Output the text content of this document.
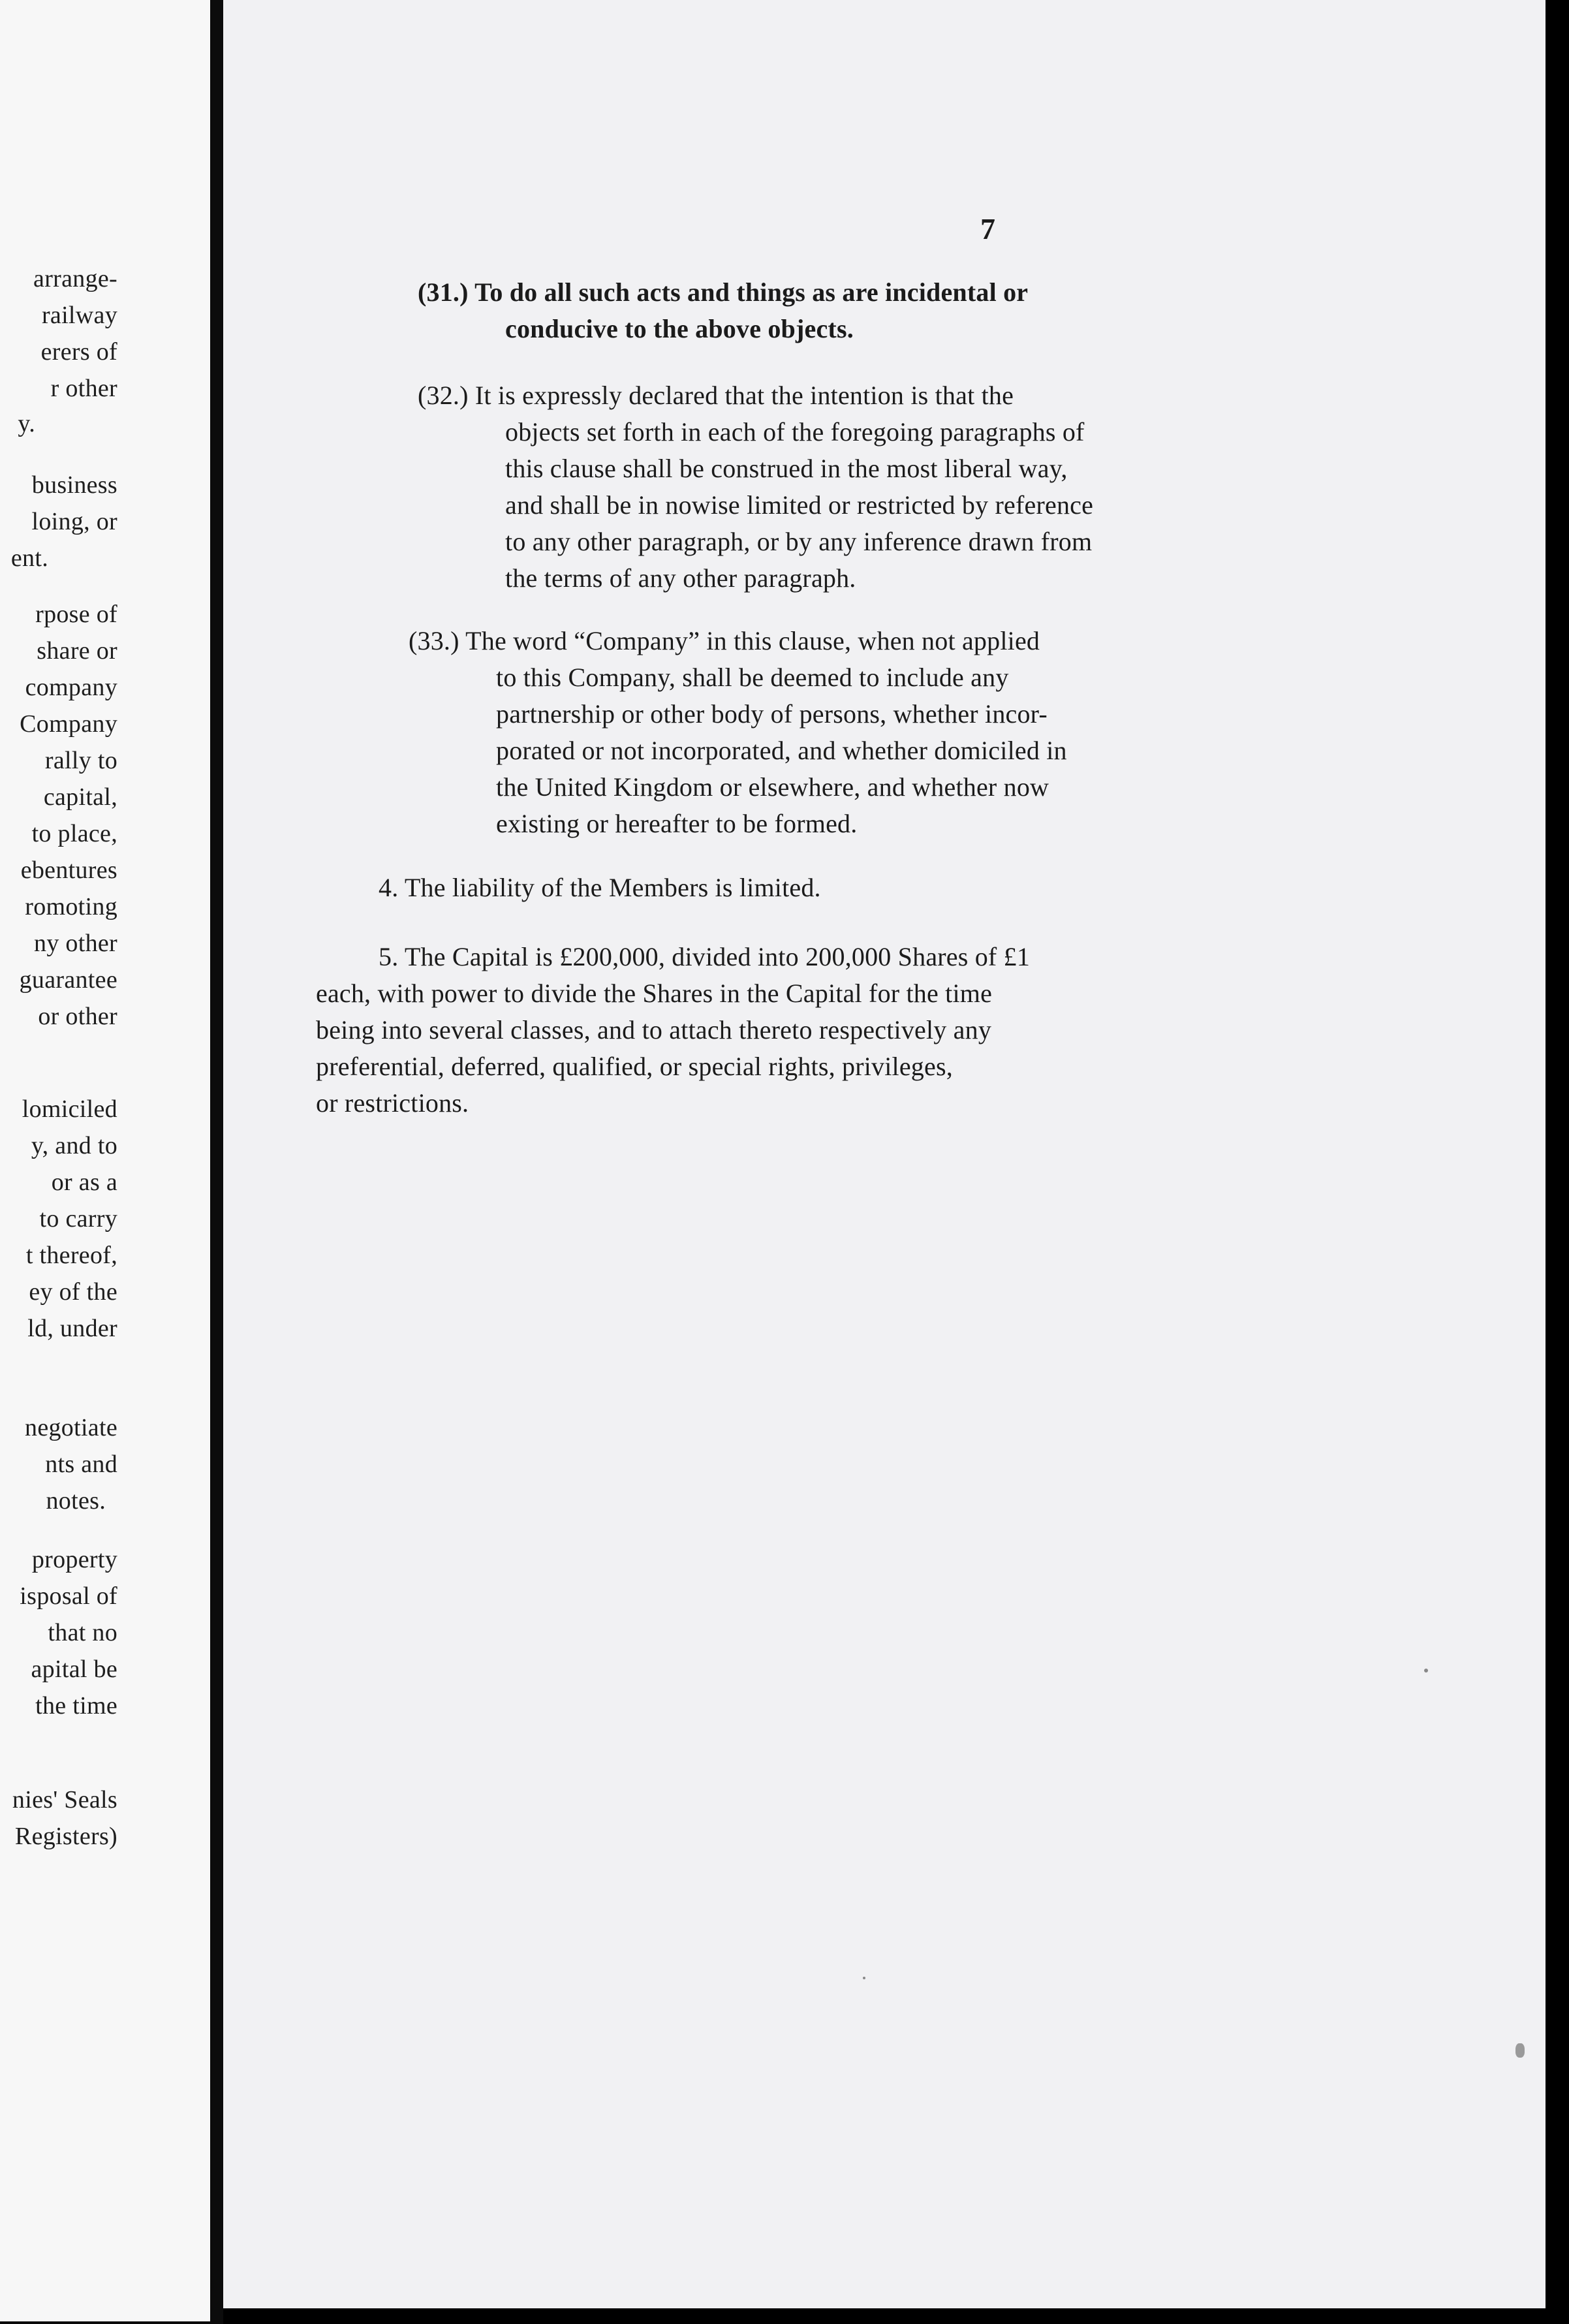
arrange-
railway
erers of
r other
y.
business
loing, or
ent.
rpose of
share or
company
Company
rally to
capital,
to place,
ebentures
romoting
ny other
guarantee
or other
lomiciled
y, and to
or as a
to carry
t thereof,
ey of the
ld, under
negotiate
nts and
notes.
property
isposal of
that no
apital be
the time
nies' Seals
Registers)
7
(31.) To do all such acts and things as are incidental or
conducive to the above objects.
(32.) It is expressly declared that the intention is that the
objects set forth in each of the foregoing paragraphs of
this clause shall be construed in the most liberal way,
and shall be in nowise limited or restricted by reference
to any other paragraph, or by any inference drawn from
the terms of any other paragraph.
(33.) The word “Company” in this clause, when not applied
to this Company, shall be deemed to include any
partnership or other body of persons, whether incor-
porated or not incorporated, and whether domiciled in
the United Kingdom or elsewhere, and whether now
existing or hereafter to be formed.
4. The liability of the Members is limited.
5. The Capital is £200,000, divided into 200,000 Shares of £1
each, with power to divide the Shares in the Capital for the time
being into several classes, and to attach thereto respectively any
preferential, deferred, qualified, or special rights, privileges,
or restrictions.
